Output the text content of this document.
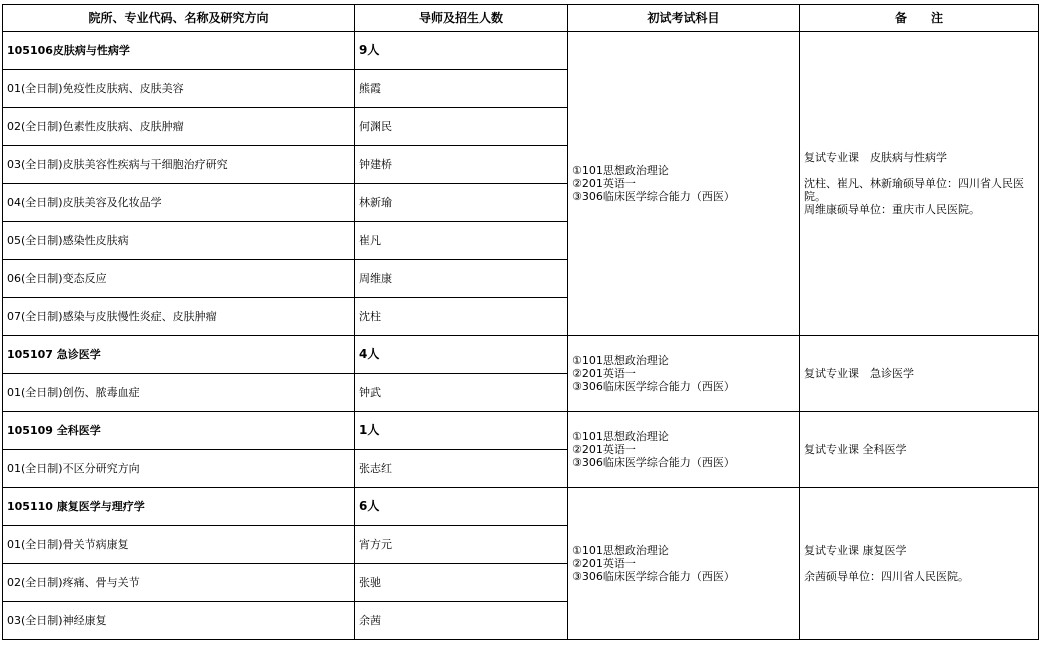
院所、专业代码、名称及研究方向	导师及招生人数	初试考试科目	备　　注
105106皮肤病与性病学	9人	①101思想政治理论
②201英语一
③306临床医学综合能力（西医）	复试专业课　皮肤病与性病学
沈柱、崔凡、林新瑜硕导单位：四川省人民医院。
周维康硕导单位：重庆市人民医院。

01(全日制)免疫性皮肤病、皮肤美容	熊霞		
02(全日制)色素性皮肤病、皮肤肿瘤	何渊民		
03(全日制)皮肤美容性疾病与干细胞治疗研究	钟建桥		
04(全日制)皮肤美容及化妆品学	林新瑜		
05(全日制)感染性皮肤病	崔凡		
06(全日制)变态反应	周维康		
07(全日制)感染与皮肤慢性炎症、皮肤肿瘤	沈柱		
105107 急诊医学	4人	①101思想政治理论
②201英语一
③306临床医学综合能力（西医）	复试专业课　急诊医学

01(全日制)创伤、脓毒血症	钟武		
105109 全科医学	1人	①101思想政治理论
②201英语一
③306临床医学综合能力（西医）	复试专业课 全科医学

01(全日制)不区分研究方向	张志红		
105110 康复医学与理疗学	6人	①101思想政治理论
②201英语一
③306临床医学综合能力（西医）	复试专业课 康复医学
余茜硕导单位：四川省人民医院。

01(全日制)骨关节病康复	宵方元		
02(全日制)疼痛、骨与关节	张驰		
03(全日制)神经康复	余茜		
